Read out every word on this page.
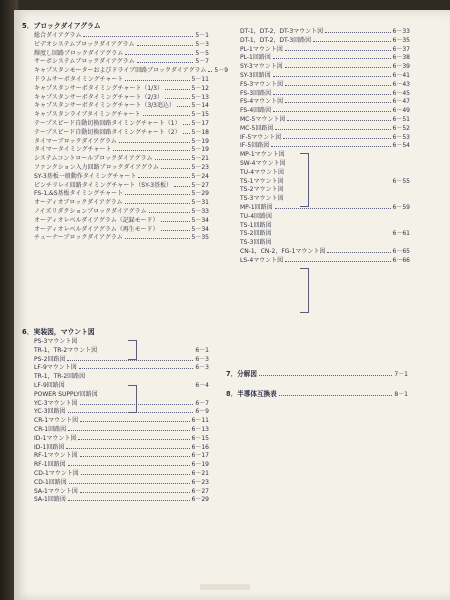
5．ブロックダイアグラム
総合ダイアグラム	5－1
ビデオシステムブロックダイアグラム	5－3
輝度し回路ブロックダイアグラム	5－5
サーボシステムブロックダイアグラム	5－7
キャプスタンモーターおよびドライブ回路ブロックダイアグラム 5－9
ドラムサーボタイミングチャート	5－11
キャプスタンサーボタイミングチャート（1/3）	5－12
キャプスタンサーボタイミングチャート（2/3）	5－13
キャプスタンサーボタイミングチャート（3/3追込）	5－14
キャプスタンライブタイミングチャート	5－15
テープスピード自動切換回路タイミングチャート（1） 5－17
テープスピード自動切換回路タイミングチャート（2） 5－18
タイマーブロックダイアグラム	5－19
タイマータイミングチャート	5－19
システムコントロールブロックダイアグラム	5－21
ファンクション入力回路ブロックダイアグラム	5－23
SY-3基板一般動作タイミングチャート	5－24
ピンチリレイ回路タイミングチャート（SY-3基板）	5－27
FS-1,&S基板タイミングチャート	5－29
オーディオブロックダイアグラム	5－31
ノイズリダクションブロックダイアグラム	5－33
オーディオレベルダイアグラム（記録モード）	5－34
オーディオレベルダイアグラム（再生モード）	5－34
チューナーブロックダイアグラム	5－35
6．実装図，マウント図
PS-3マウント図
TR-1，TR-2マウント図	6－1
PS-2回路図	6－3
LF-9マウント図	6－3
TR-1，TR-2回路図
LF-9回路図	6－4
POWER SUPPLY回路図
YC-3マウント図	6－7
YC-3回路図	6－9
CR-1マウント図	6－11
CR-1回路図	6－13
ID-1マウント図	6－15
ID-1回路図	6－16
RF-1マウント図	6－17
RF-1回路図	6－19
CD-1マウント図	6－21
CD-1回路図	6－23
SA-1マウント図	6－27
SA-1回路図	6－29
DT-1，DT-2，DT-3マウント図	6－33
DT-1，DT-2，DT-3回路図	6－35
PL-1マウント図	6－37
PL-1回路図	6－38
SY-3マウント図	6－39
SY-3回路図	6－41
FS-3マウント図	6－43
FS-3回路図	6－45
FS-4マウント図	6－47
FS-4回路図	6－49
MC-5マウント図	6－51
MC-5回路図	6－52
IF-5マウント図	6－53
IF-5回路図	6－54
MP-1マウント図
SW-4マウント図
TU-4マウント図
TS-1マウント図	6－55
TS-2マウント図
TS-3マウント図
MP-1回路図	6－59
TU-4回路図
TS-1回路図
TS-2回路図	6－61
TS-3回路図
CN-1，CN-2，FG-1マウント図	6－65
LS-4マウント図	6－66
7．分解図	7－1
8．半導体互換表	8－1
